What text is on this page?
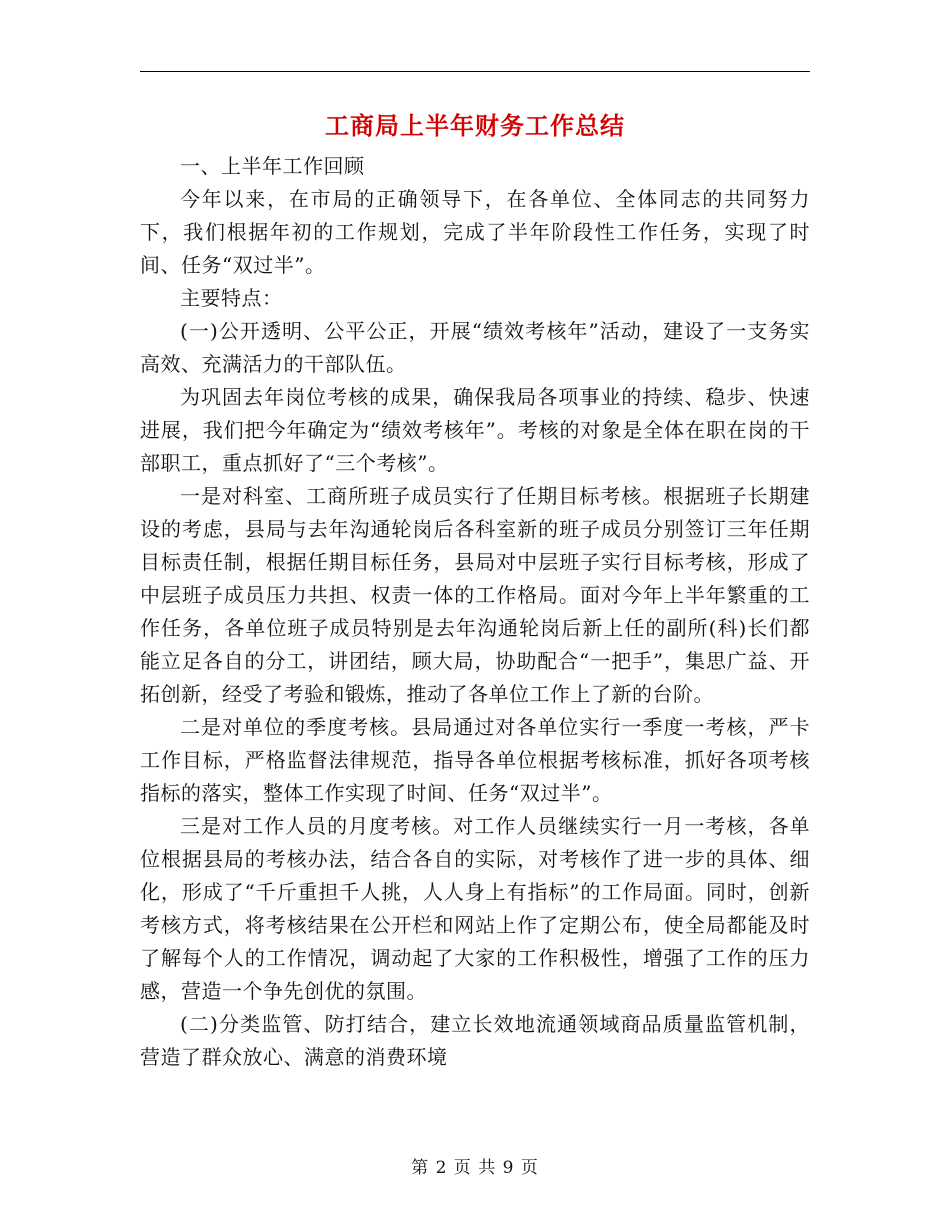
工商局上半年财务工作总结

一、上半年工作回顾

今年以来，在市局的正确领导下，在各单位、全体同志的共同努力下，我们根据年初的工作规划，完成了半年阶段性工作任务，实现了时间、任务“双过半”。

主要特点：

(一)公开透明、公平公正，开展“绩效考核年”活动，建设了一支务实高效、充满活力的干部队伍。

为巩固去年岗位考核的成果，确保我局各项事业的持续、稳步、快速进展，我们把今年确定为“绩效考核年”。考核的对象是全体在职在岗的干部职工，重点抓好了“三个考核”。

一是对科室、工商所班子成员实行了任期目标考核。根据班子长期建设的考虑，县局与去年沟通轮岗后各科室新的班子成员分别签订三年任期目标责任制，根据任期目标任务，县局对中层班子实行目标考核，形成了中层班子成员压力共担、权责一体的工作格局。面对今年上半年繁重的工作任务，各单位班子成员特别是去年沟通轮岗后新上任的副所(科)长们都能立足各自的分工，讲团结，顾大局，协助配合“一把手”，集思广益、开拓创新，经受了考验和锻炼，推动了各单位工作上了新的台阶。

二是对单位的季度考核。县局通过对各单位实行一季度一考核，严卡工作目标，严格监督法律规范，指导各单位根据考核标准，抓好各项考核指标的落实，整体工作实现了时间、任务“双过半”。

三是对工作人员的月度考核。对工作人员继续实行一月一考核，各单位根据县局的考核办法，结合各自的实际，对考核作了进一步的具体、细化，形成了“千斤重担千人挑，人人身上有指标”的工作局面。同时，创新考核方式，将考核结果在公开栏和网站上作了定期公布，使全局都能及时了解每个人的工作情况，调动起了大家的工作积极性，增强了工作的压力感，营造一个争先创优的氛围。

(二)分类监管、防打结合，建立长效地流通领域商品质量监管机制，营造了群众放心、满意的消费环境

第 2 页 共 9 页
